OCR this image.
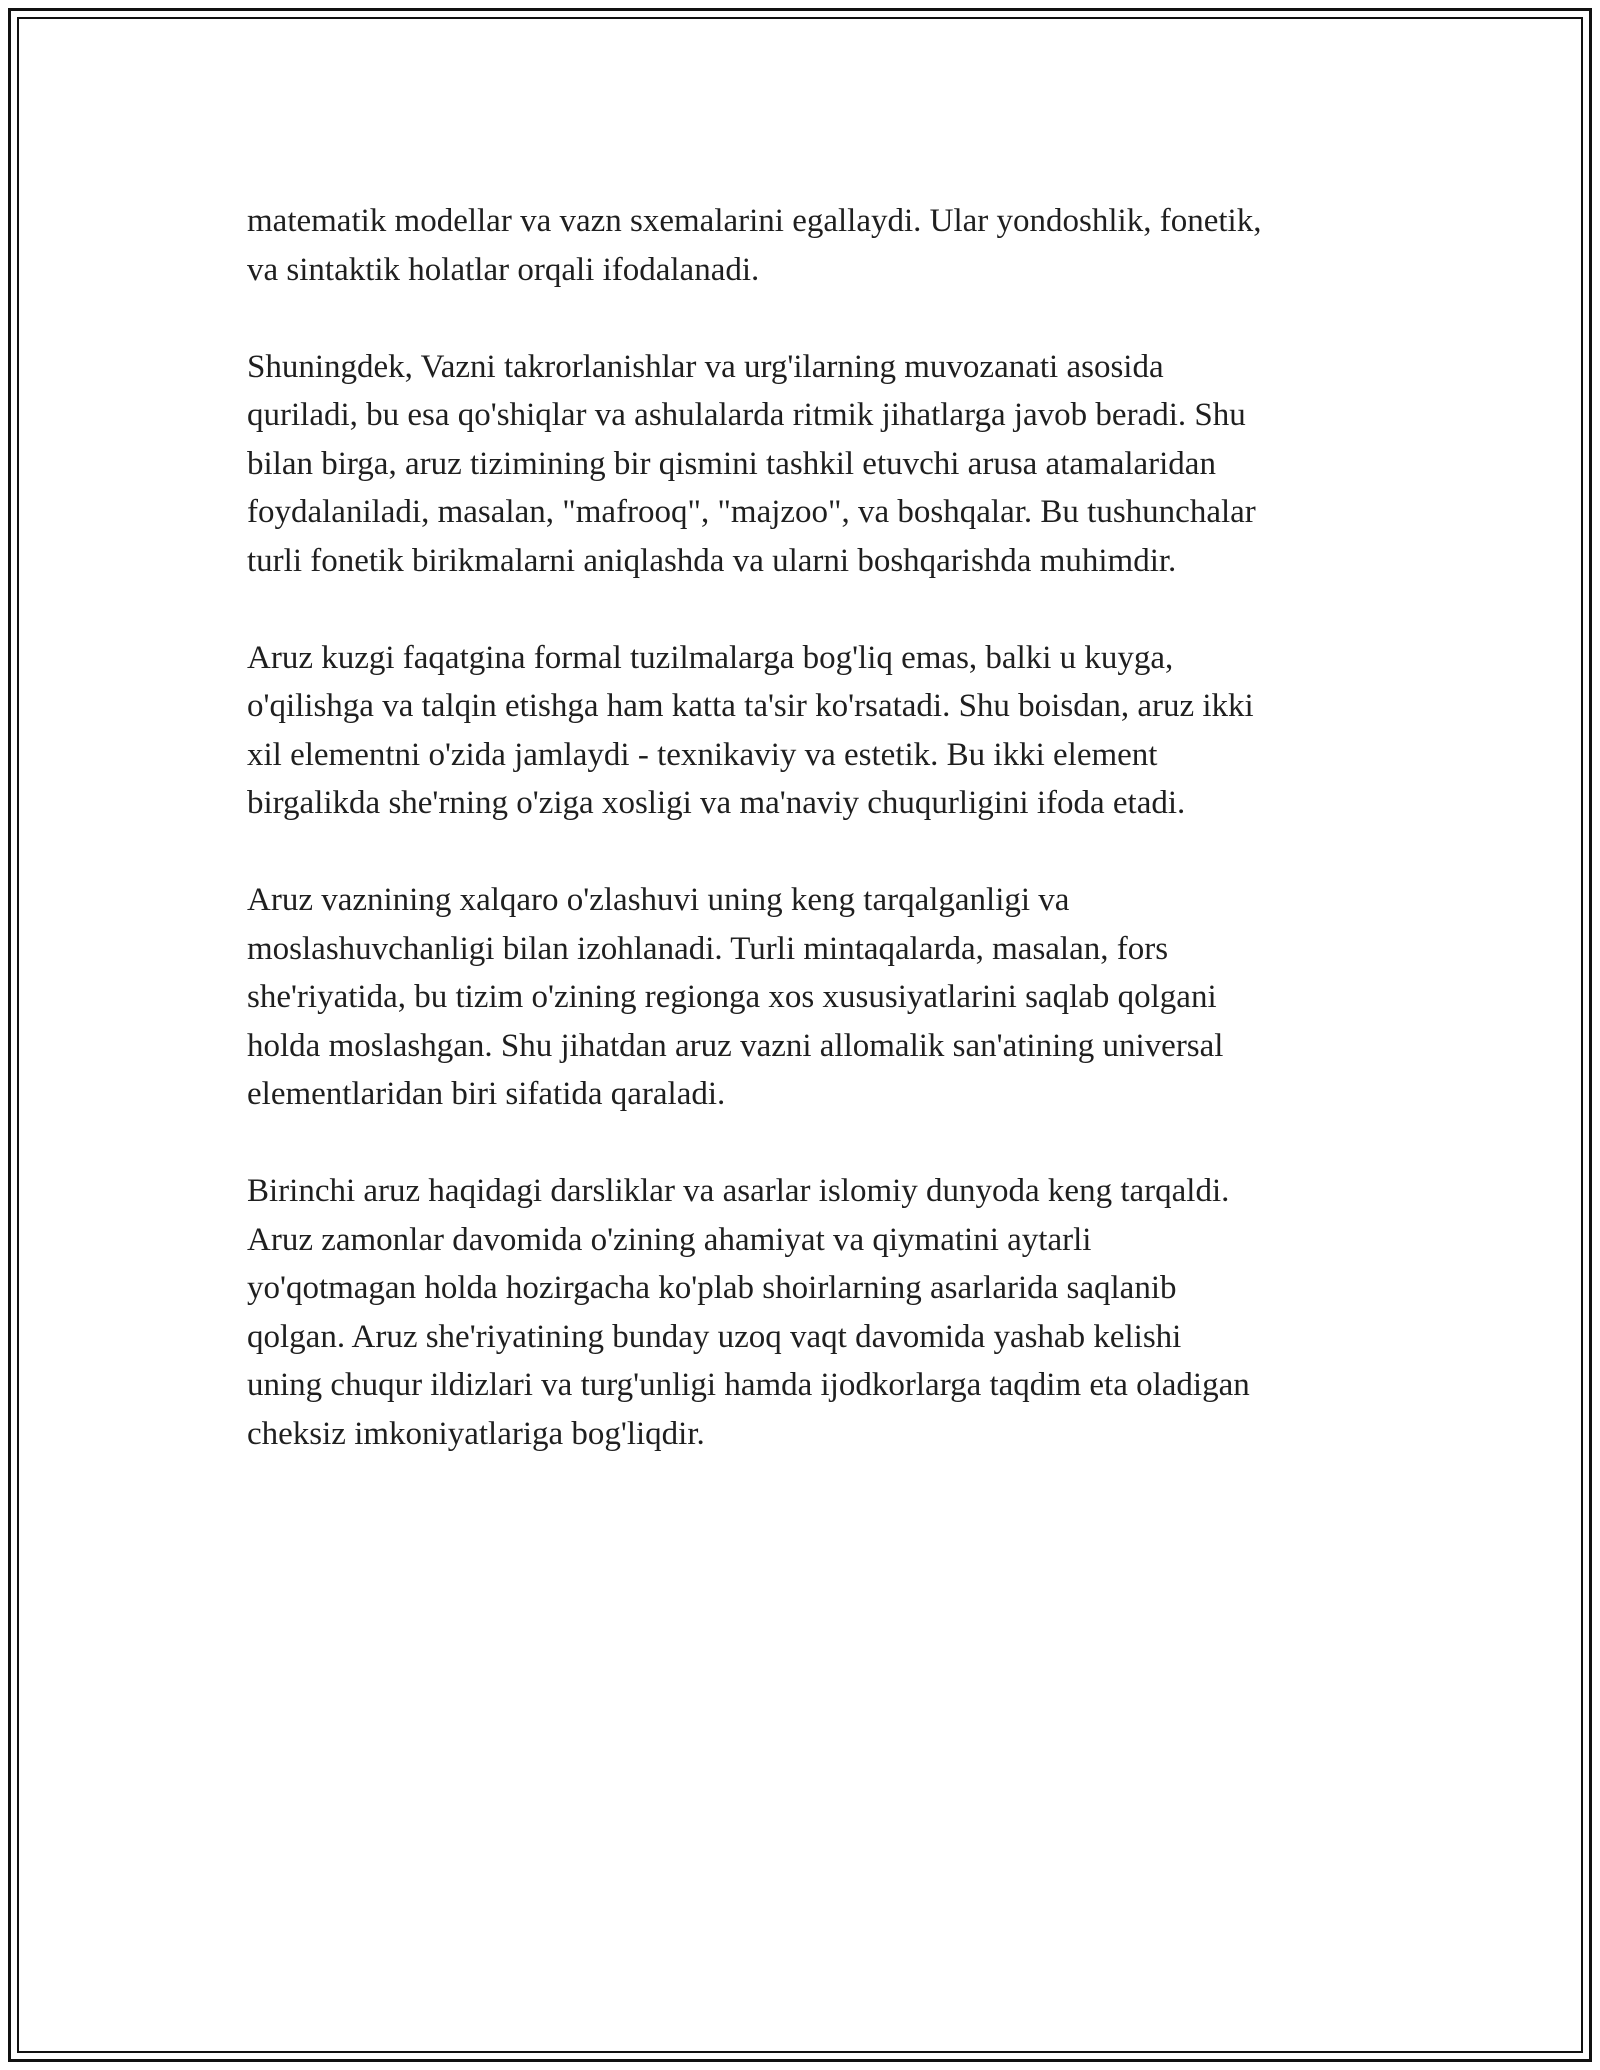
matematik modellar va vazn sxemalarini egallaydi. Ular yondoshlik, fonetik,
va sintaktik holatlar orqali ifodalanadi.

Shuningdek, Vazni takrorlanishlar va urg'ilarning muvozanati asosida
quriladi, bu esa qo'shiqlar va ashulalarda ritmik jihatlarga javob beradi. Shu
bilan birga, aruz tizimining bir qismini tashkil etuvchi arusa atamalaridan
foydalaniladi, masalan, "mafrooq", "majzoo", va boshqalar. Bu tushunchalar
turli fonetik birikmalarni aniqlashda va ularni boshqarishda muhimdir.

Aruz kuzgi faqatgina formal tuzilmalarga bog'liq emas, balki u kuyga,
o'qilishga va talqin etishga ham katta ta'sir ko'rsatadi. Shu boisdan, aruz ikki
xil elementni o'zida jamlaydi - texnikaviy va estetik. Bu ikki element
birgalikda she'rning o'ziga xosligi va ma'naviy chuqurligini ifoda etadi.

Aruz vaznining xalqaro o'zlashuvi uning keng tarqalganligi va
moslashuvchanligi bilan izohlanadi. Turli mintaqalarda, masalan, fors
she'riyatida, bu tizim o'zining regionga xos xususiyatlarini saqlab qolgani
holda moslashgan. Shu jihatdan aruz vazni allomalik san'atining universal
elementlaridan biri sifatida qaraladi.

Birinchi aruz haqidagi darsliklar va asarlar islomiy dunyoda keng tarqaldi.
Aruz zamonlar davomida o'zining ahamiyat va qiymatini aytarli
yo'qotmagan holda hozirgacha ko'plab shoirlarning asarlarida saqlanib
qolgan. Aruz she'riyatining bunday uzoq vaqt davomida yashab kelishi
uning chuqur ildizlari va turg'unligi hamda ijodkorlarga taqdim eta oladigan
cheksiz imkoniyatlariga bog'liqdir.
